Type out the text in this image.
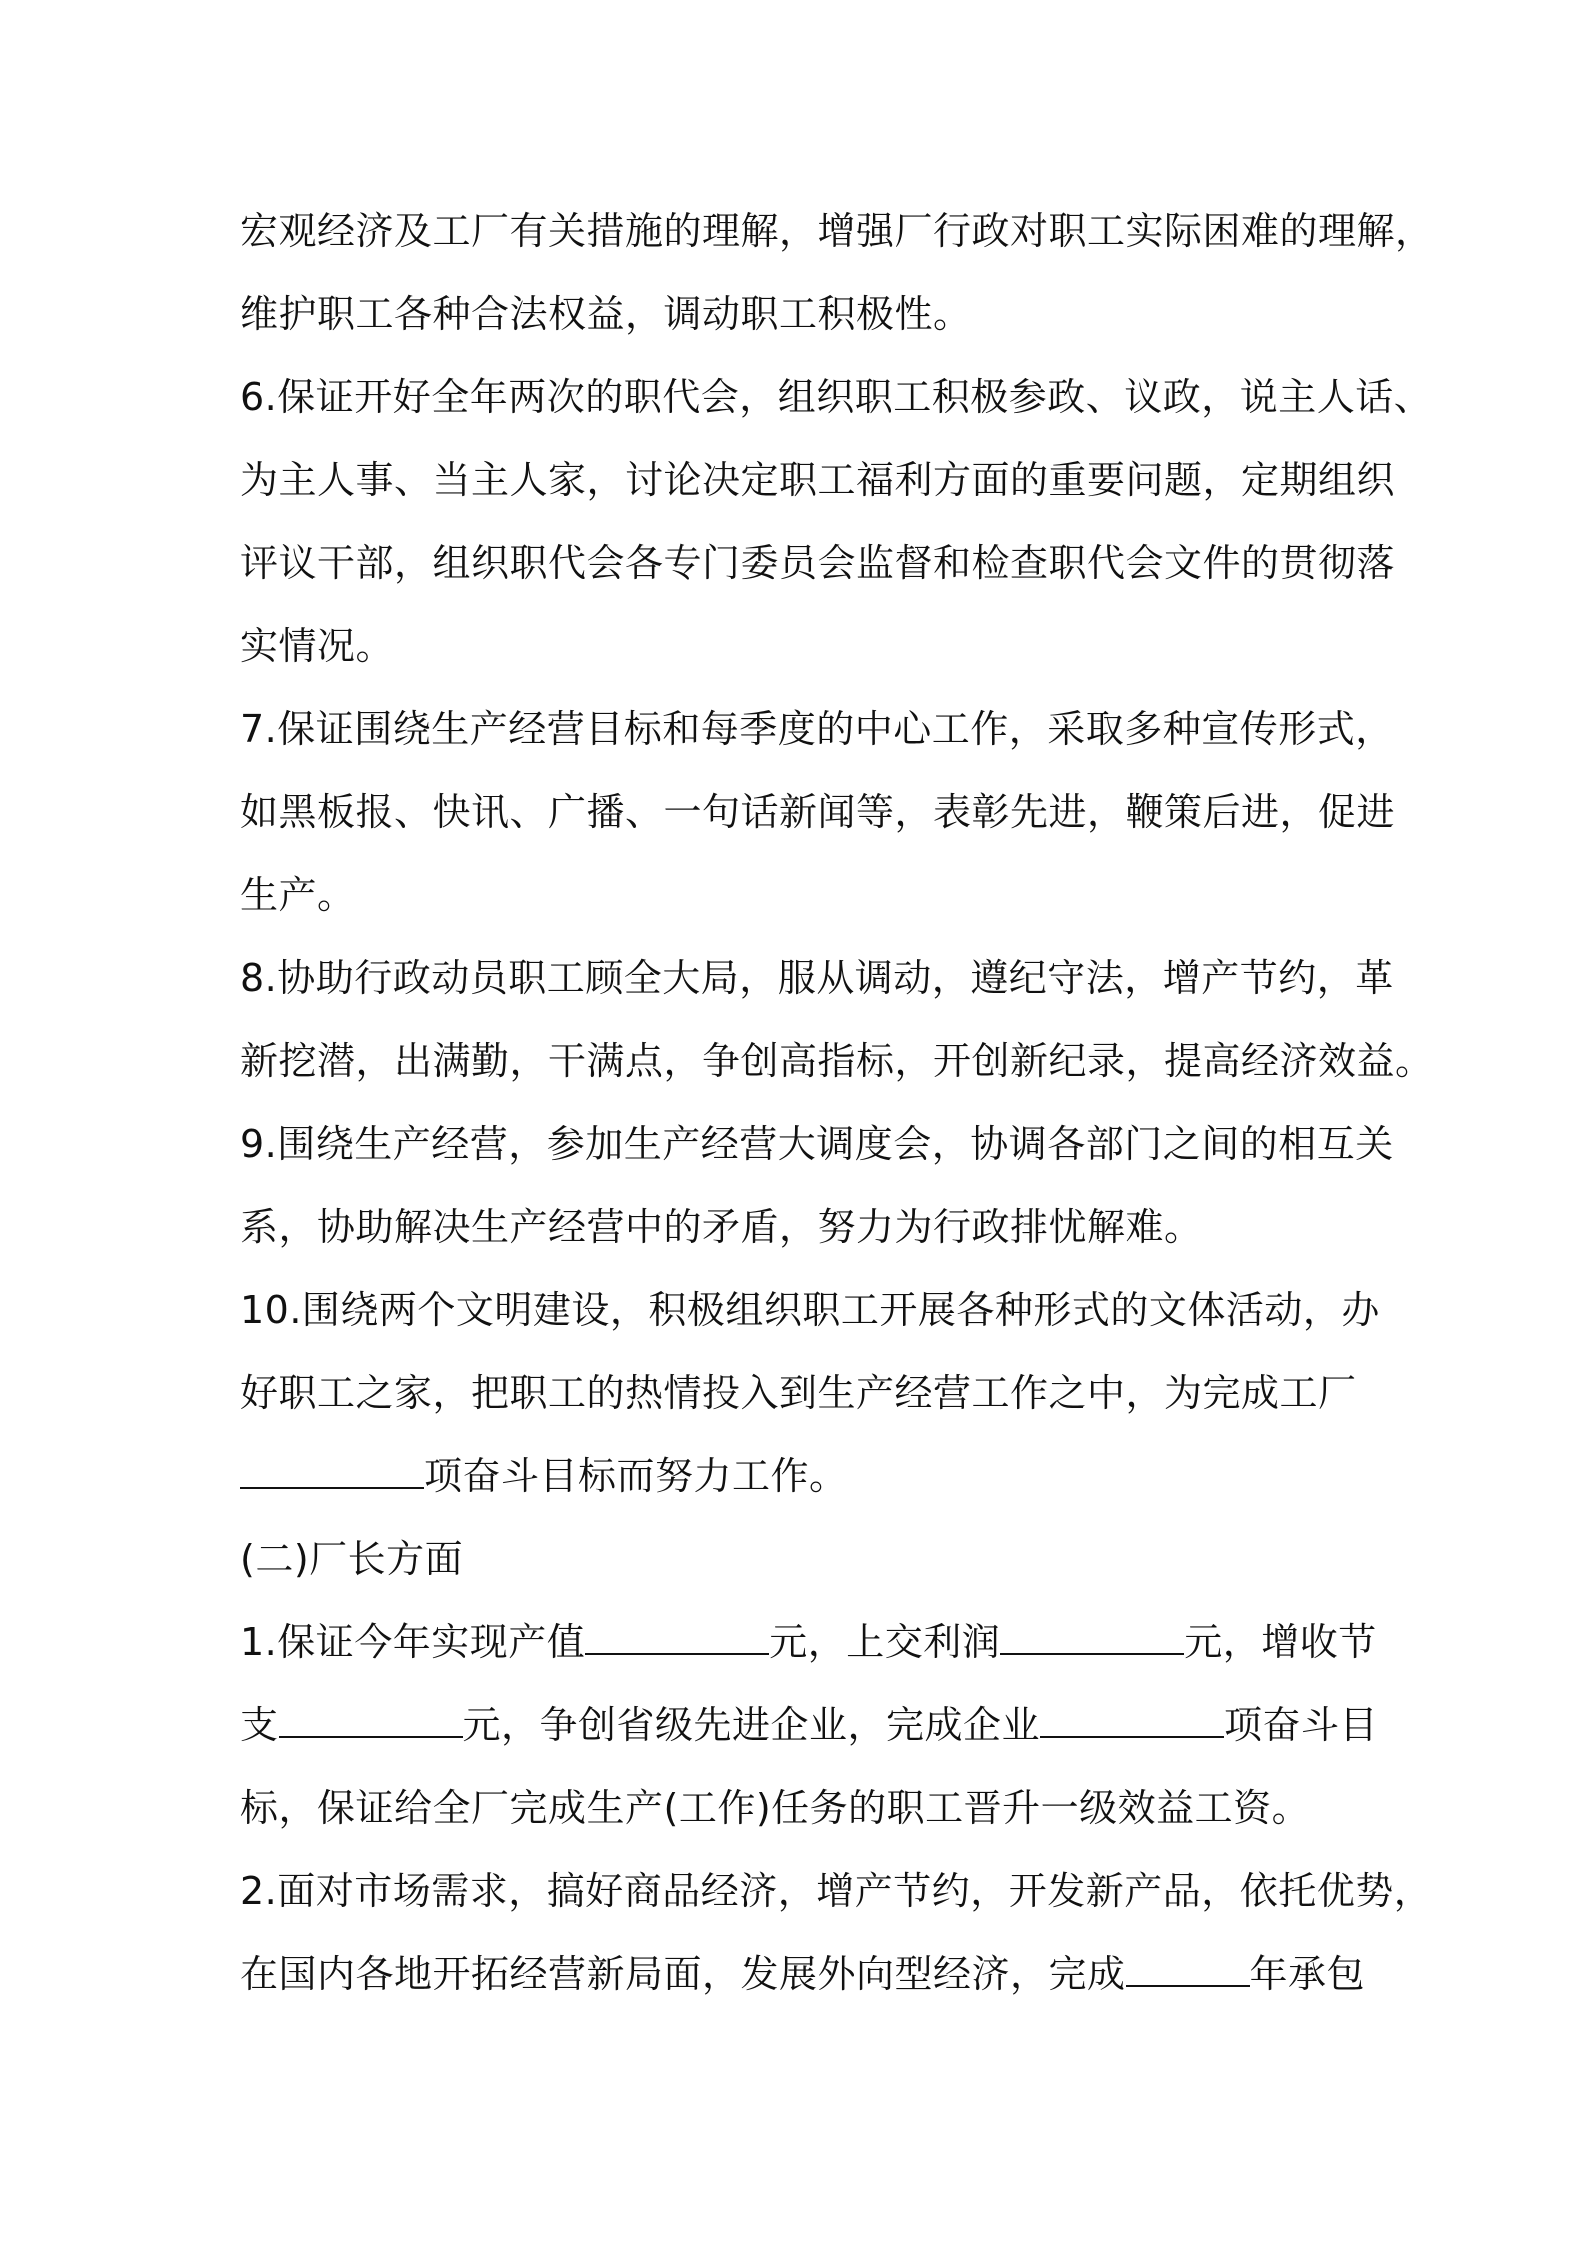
宏观经济及工厂有关措施的理解，增强厂行政对职工实际困难的理解，
维护职工各种合法权益，调动职工积极性。
6.保证开好全年两次的职代会，组织职工积极参政、议政，说主人话、
为主人事、当主人家，讨论决定职工福利方面的重要问题，定期组织
评议干部，组织职代会各专门委员会监督和检查职代会文件的贯彻落
实情况。
7.保证围绕生产经营目标和每季度的中心工作，采取多种宣传形式，
如黑板报、快讯、广播、一句话新闻等，表彰先进，鞭策后进，促进
生产。
8.协助行政动员职工顾全大局，服从调动，遵纪守法，增产节约，革
新挖潜，出满勤，干满点，争创高指标，开创新纪录，提高经济效益。
9.围绕生产经营，参加生产经营大调度会，协调各部门之间的相互关
系，协助解决生产经营中的矛盾，努力为行政排忧解难。
10.围绕两个文明建设，积极组织职工开展各种形式的文体活动，办
好职工之家，把职工的热情投入到生产经营工作之中，为完成工厂
项奋斗目标而努力工作。
(二)厂长方面
1.保证今年实现产值	元，上交利润	元，增收节
支	元，争创省级先进企业，完成企业	项奋斗目
标，保证给全厂完成生产(工作)任务的职工晋升一级效益工资。
2.面对市场需求，搞好商品经济，增产节约，开发新产品，依托优势，
在国内各地开拓经营新局面，发展外向型经济，完成	年承包
